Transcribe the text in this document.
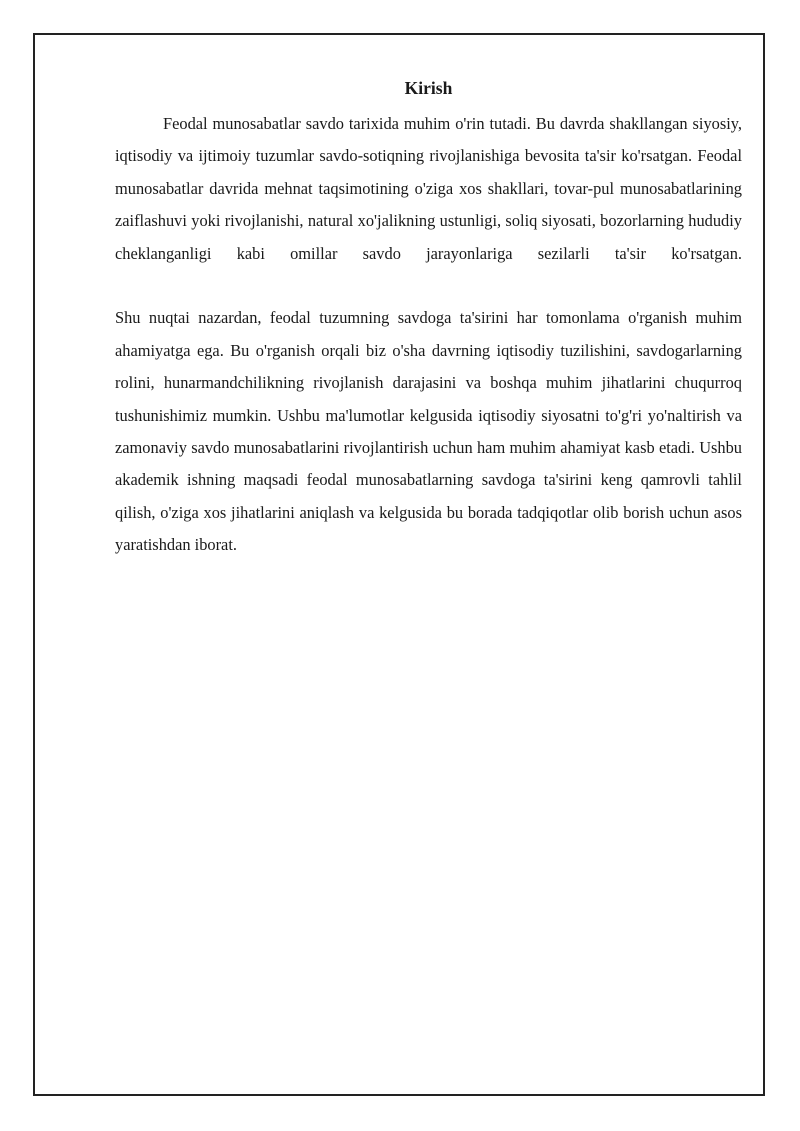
Kirish

Feodal munosabatlar savdo tarixida muhim o'rin tutadi. Bu davrda shakllangan siyosiy, iqtisodiy va ijtimoiy tuzumlar savdo-sotiqning rivojlanishiga bevosita ta'sir ko'rsatgan. Feodal munosabatlar davrida mehnat taqsimotining o'ziga xos shakllari, tovar-pul munosabatlarining zaiflashuvi yoki rivojlanishi, natural xo'jalikning ustunligi, soliq siyosati, bozorlarning hududiy cheklanganligi kabi omillar savdo jarayonlariga sezilarli ta'sir ko'rsatgan.

Shu nuqtai nazardan, feodal tuzumning savdoga ta'sirini har tomonlama o'rganish muhim ahamiyatga ega. Bu o'rganish orqali biz o'sha davrning iqtisodiy tuzilishini, savdogarlarning rolini, hunarmandchilikning rivojlanish darajasini va boshqa muhim jihatlarini chuqurroq tushunishimiz mumkin. Ushbu ma'lumotlar kelgusida iqtisodiy siyosatni to'g'ri yo'naltirish va zamonaviy savdo munosabatlarini rivojlantirish uchun ham muhim ahamiyat kasb etadi. Ushbu akademik ishning maqsadi feodal munosabatlarning savdoga ta'sirini keng qamrovli tahlil qilish, o'ziga xos jihatlarini aniqlash va kelgusida bu borada tadqiqotlar olib borish uchun asos yaratishdan iborat.
